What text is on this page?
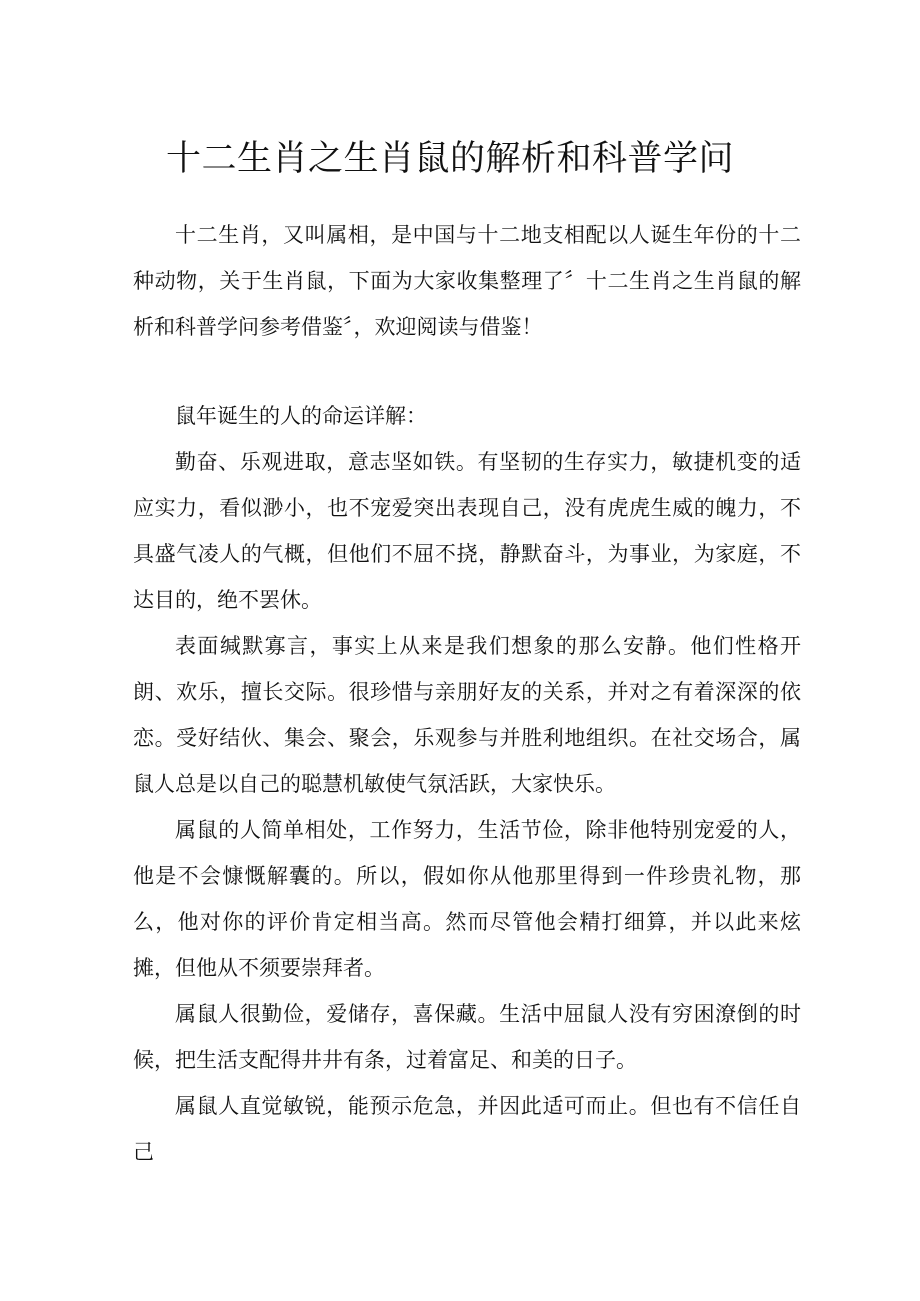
十二生肖之生肖鼠的解析和科普学问

十二生肖，又叫属相，是中国与十二地支相配以人诞生年份的十二种动物，关于生肖鼠，下面为大家收集整理了〞十二生肖之生肖鼠的解析和科普学问参考借鉴〞，欢迎阅读与借鉴！

鼠年诞生的人的命运详解：

勤奋、乐观进取，意志坚如铁。有坚韧的生存实力，敏捷机变的适应实力，看似渺小，也不宠爱突出表现自己，没有虎虎生威的魄力，不具盛气凌人的气概，但他们不屈不挠，静默奋斗，为事业，为家庭，不达目的，绝不罢休。

表面缄默寡言，事实上从来是我们想象的那么安静。他们性格开朗、欢乐，擅长交际。很珍惜与亲朋好友的关系，并对之有着深深的依恋。受好结伙、集会、聚会，乐观参与并胜利地组织。在社交场合，属鼠人总是以自己的聪慧机敏使气氛活跃，大家快乐。

属鼠的人简单相处，工作努力，生活节俭，除非他特别宠爱的人，他是不会慷慨解囊的。所以，假如你从他那里得到一件珍贵礼物，那么，他对你的评价肯定相当高。然而尽管他会精打细算，并以此来炫摊，但他从不须要崇拜者。

属鼠人很勤俭，爱储存，喜保藏。生活中屈鼠人没有穷困潦倒的时候，把生活支配得井井有条，过着富足、和美的日子。

属鼠人直觉敏锐，能预示危急，并因此适可而止。但也有不信任自己
